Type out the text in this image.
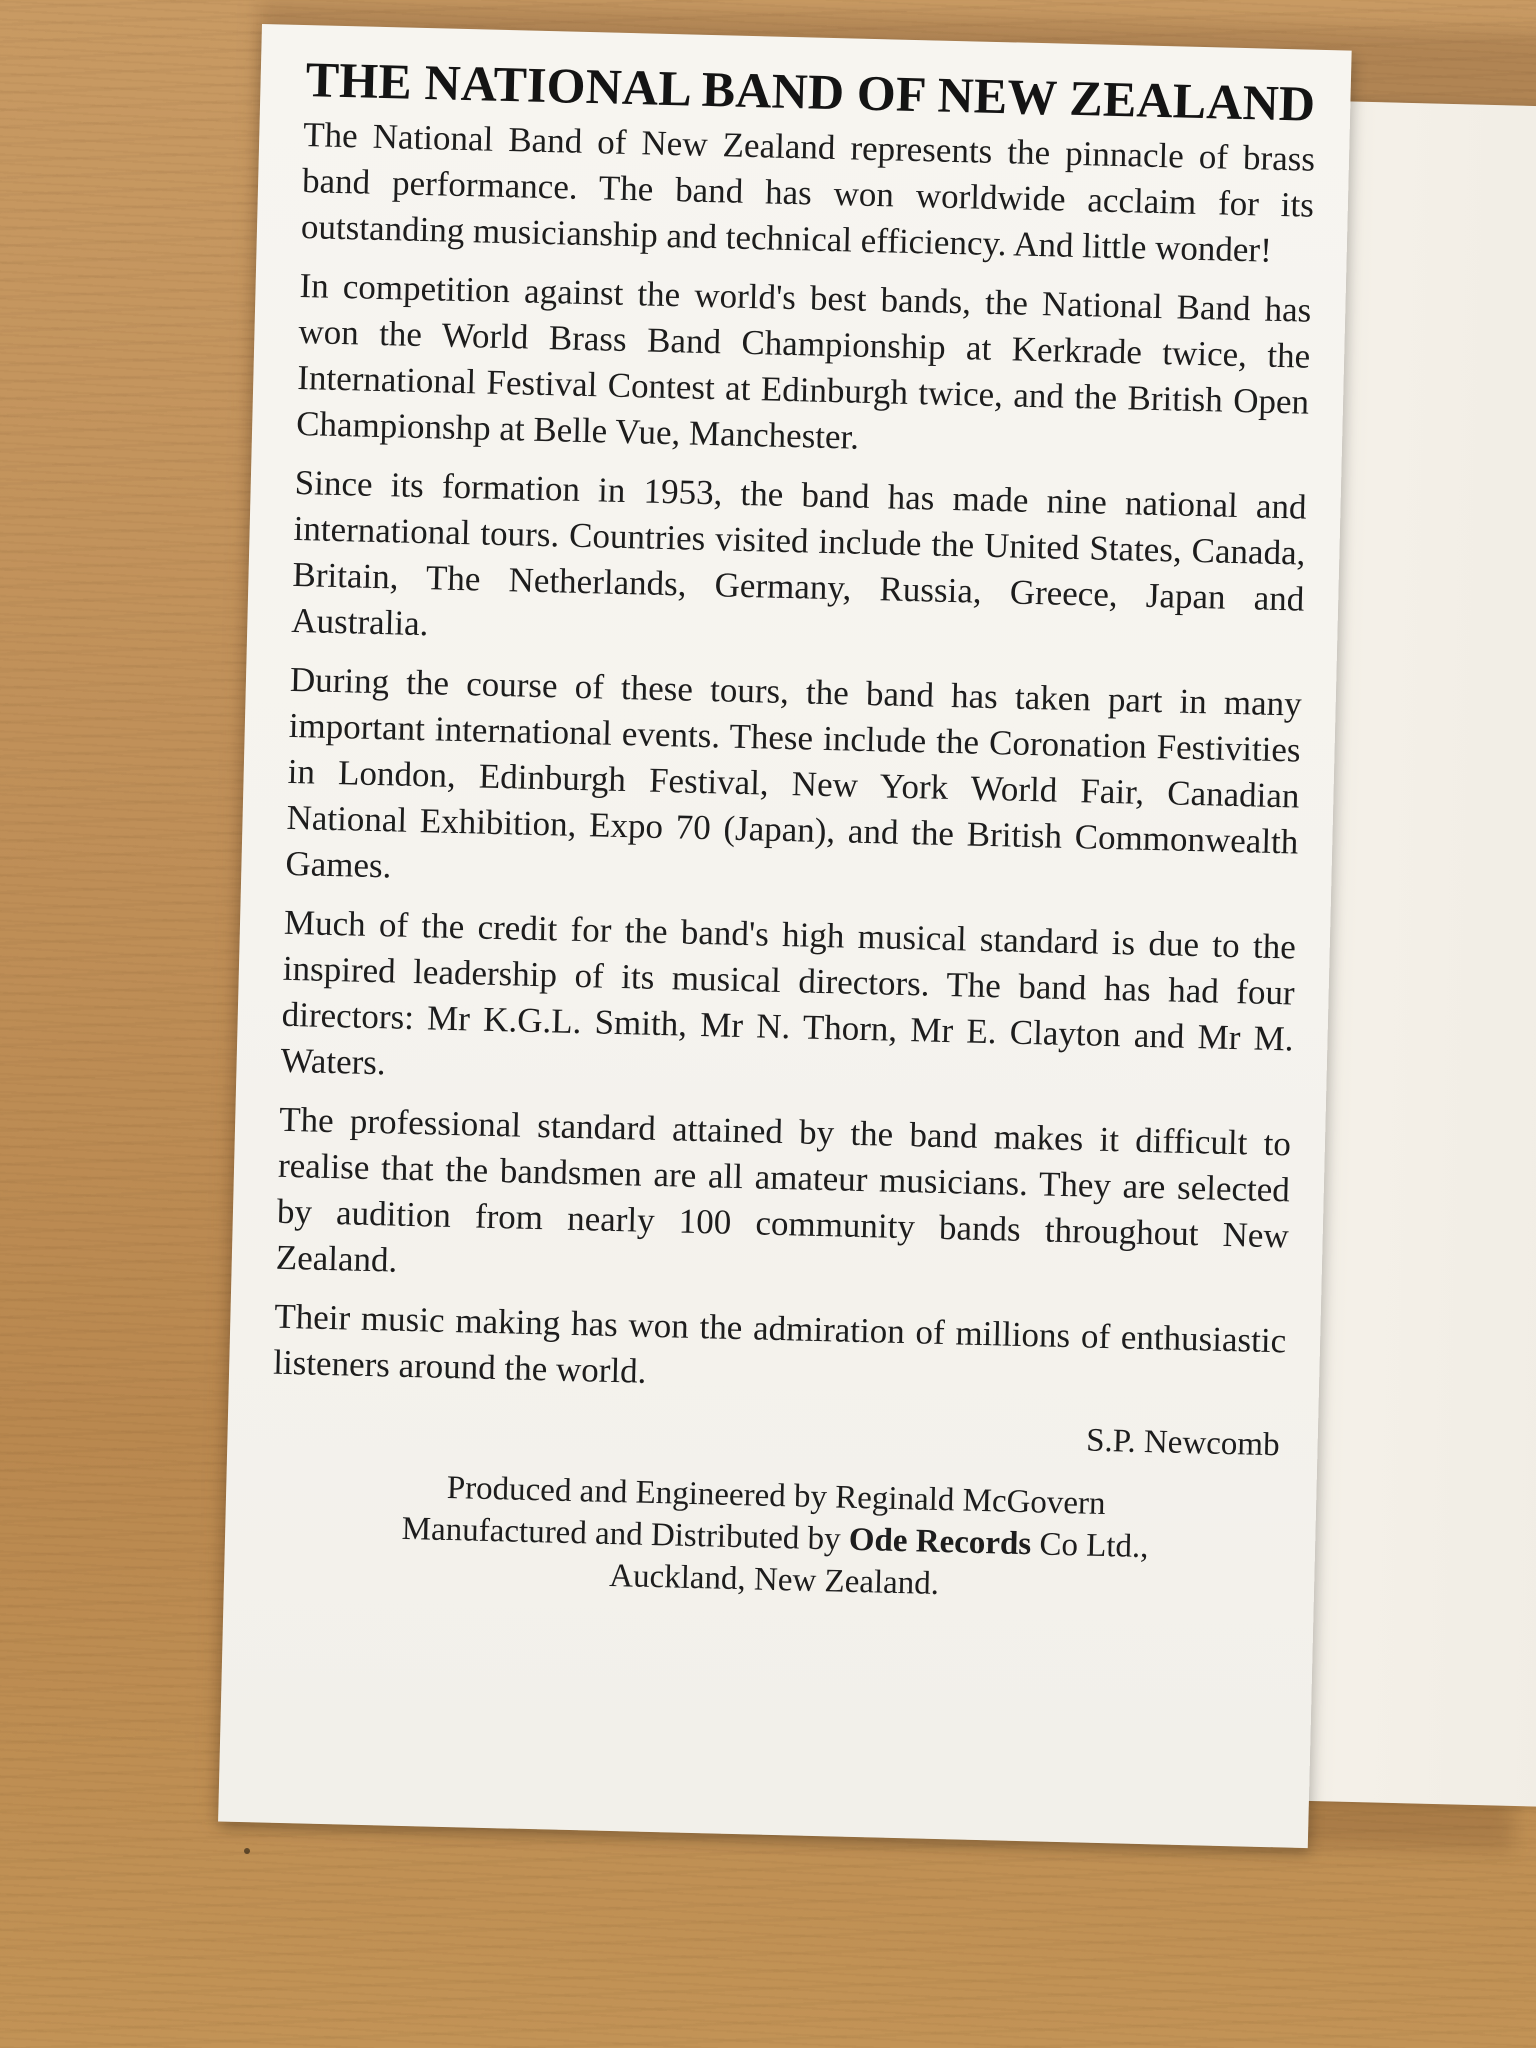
THE NATIONAL BAND OF NEW ZEALAND

The National Band of New Zealand represents the pinnacle of brass band performance. The band has won worldwide acclaim for its outstanding musicianship and technical efficiency. And little wonder!

In competition against the world's best bands, the National Band has won the World Brass Band Championship at Kerkrade twice, the International Festival Contest at Edinburgh twice, and the British Open Championshp at Belle Vue, Manchester.

Since its formation in 1953, the band has made nine national and international tours. Countries visited include the United States, Canada, Britain, The Netherlands, Germany, Russia, Greece, Japan and Australia.

During the course of these tours, the band has taken part in many important international events. These include the Coronation Festivities in London, Edinburgh Festival, New York World Fair, Canadian National Exhibition, Expo 70 (Japan), and the British Commonwealth Games.

Much of the credit for the band's high musical standard is due to the inspired leadership of its musical directors. The band has had four directors: Mr K.G.L. Smith, Mr N. Thorn, Mr E. Clayton and Mr M. Waters.

The professional standard attained by the band makes it difficult to realise that the bandsmen are all amateur musicians. They are selected by audition from nearly 100 community bands throughout New Zealand.

Their music making has won the admiration of millions of enthusiastic listeners around the world.

S.P. Newcomb
Produced and Engineered by Reginald McGovern
Manufactured and Distributed by Ode Records Co Ltd.,
Auckland, New Zealand.
